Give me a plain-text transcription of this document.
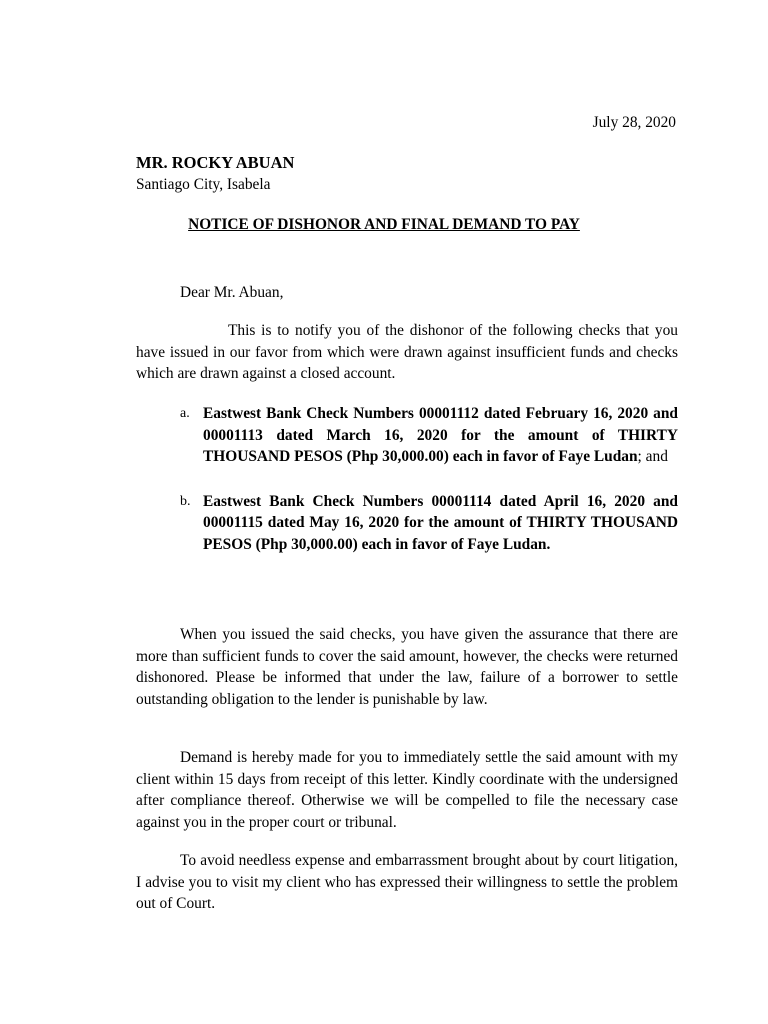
July 28, 2020
MR. ROCKY ABUAN
Santiago City, Isabela
NOTICE OF DISHONOR AND FINAL DEMAND TO PAY
Dear Mr. Abuan,

This is to notify you of the dishonor of the following checks that you have issued in our favor from which were drawn against insufficient funds and checks which are drawn against a closed account.

a. Eastwest Bank Check Numbers 00001112 dated February 16, 2020 and 00001113 dated March 16, 2020 for the amount of THIRTY THOUSAND PESOS (Php 30,000.00) each in favor of Faye Ludan; and
b. Eastwest Bank Check Numbers 00001114 dated April 16, 2020 and 00001115 dated May 16, 2020 for the amount of THIRTY THOUSAND PESOS (Php 30,000.00) each in favor of Faye Ludan.

When you issued the said checks, you have given the assurance that there are more than sufficient funds to cover the said amount, however, the checks were returned dishonored. Please be informed that under the law, failure of a borrower to settle outstanding obligation to the lender is punishable by law.

Demand is hereby made for you to immediately settle the said amount with my client within 15 days from receipt of this letter. Kindly coordinate with the undersigned after compliance thereof. Otherwise we will be compelled to file the necessary case against you in the proper court or tribunal.

To avoid needless expense and embarrassment brought about by court litigation, I advise you to visit my client who has expressed their willingness to settle the problem out of Court.
